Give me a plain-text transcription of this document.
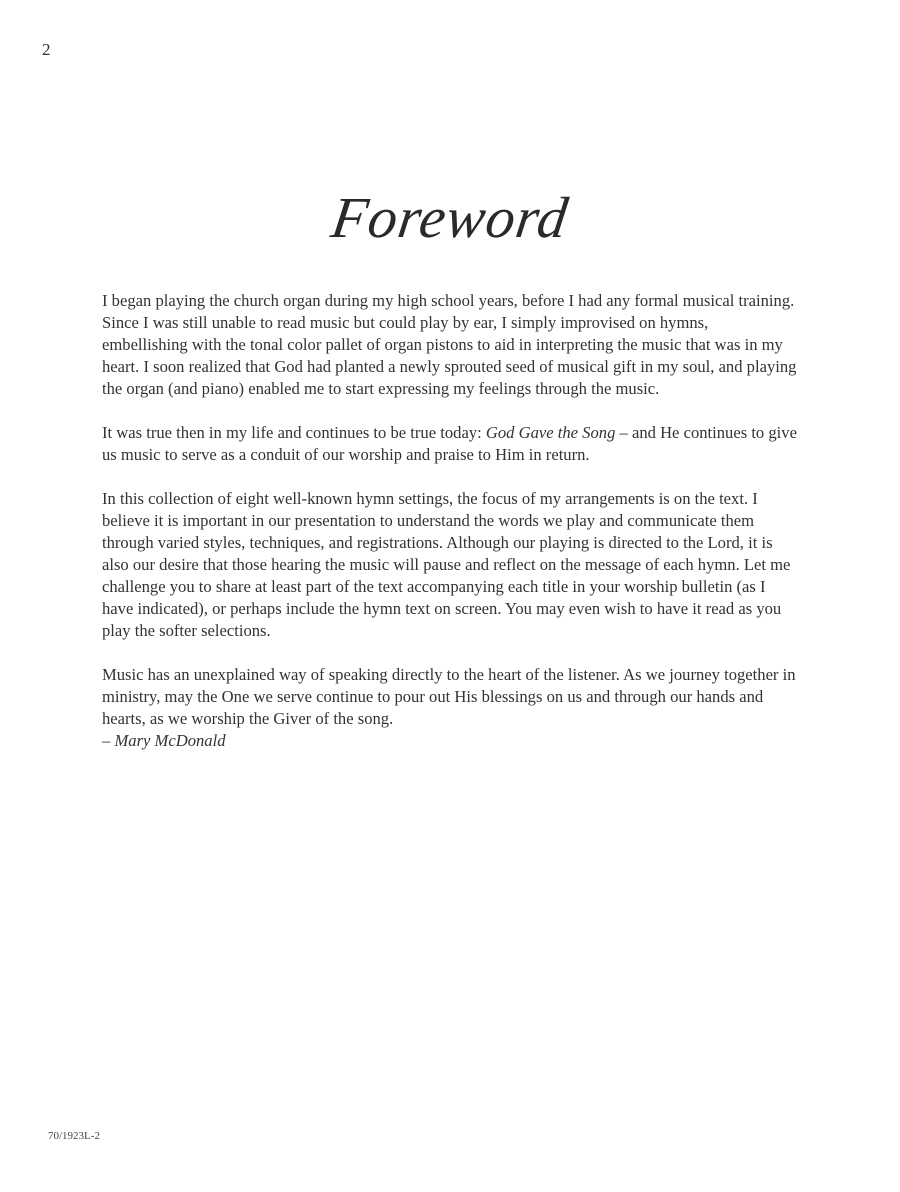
2
Foreword

I began playing the church organ during my high school years, before I had any formal musical training. Since I was still unable to read music but could play by ear, I simply improvised on hymns, embellishing with the tonal color pallet of organ pistons to aid in interpreting the music that was in my heart. I soon realized that God had planted a newly sprouted seed of musical gift in my soul, and playing the organ (and piano) enabled me to start expressing my feelings through the music.

It was true then in my life and continues to be true today: God Gave the Song – and He continues to give us music to serve as a conduit of our worship and praise to Him in return.

In this collection of eight well-known hymn settings, the focus of my arrangements is on the text. I believe it is important in our presentation to understand the words we play and communicate them through varied styles, techniques, and registrations. Although our playing is directed to the Lord, it is also our desire that those hearing the music will pause and reflect on the message of each hymn. Let me challenge you to share at least part of the text accompanying each title in your worship bulletin (as I have indicated), or perhaps include the hymn text on screen. You may even wish to have it read as you play the softer selections.

Music has an unexplained way of speaking directly to the heart of the listener. As we journey together in ministry, may the One we serve continue to pour out His blessings on us and through our hands and hearts, as we worship the Giver of the song.

– Mary McDonald

70/1923L-2
